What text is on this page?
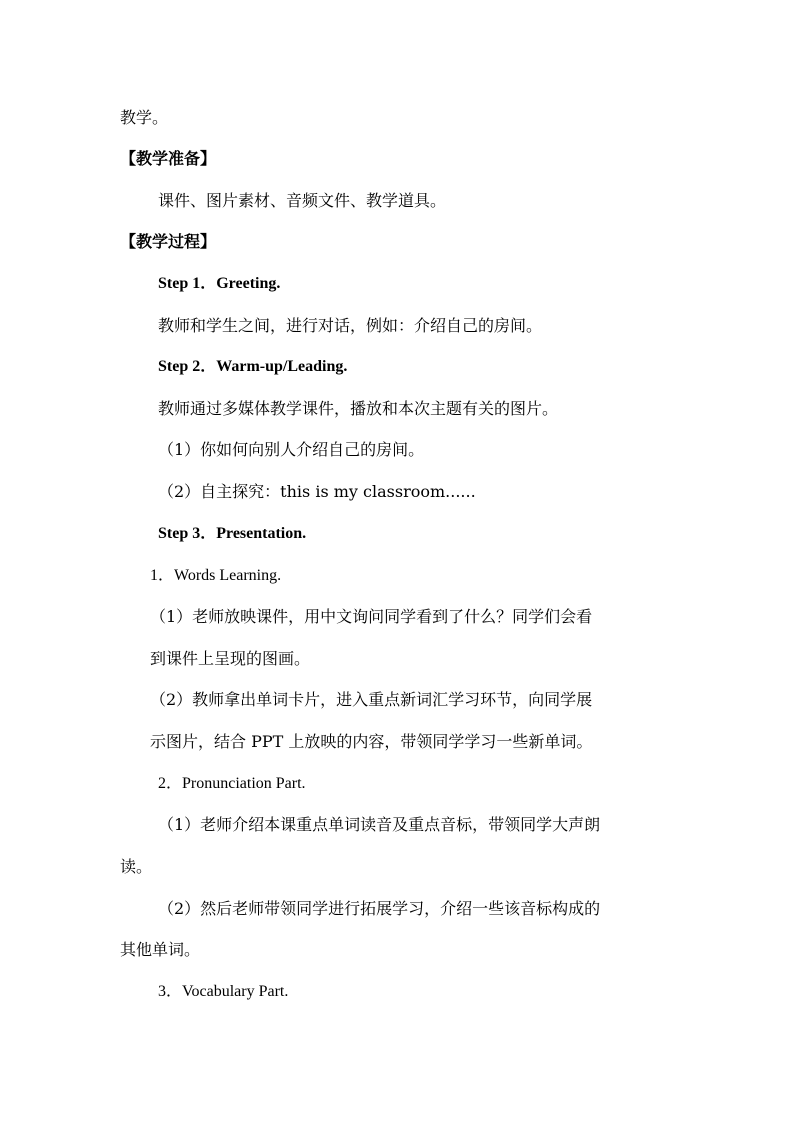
教学。
【教学准备】
课件、图片素材、音频文件、教学道具。
【教学过程】
Step 1．Greeting.
教师和学生之间，进行对话，例如：介绍自己的房间。
Step 2．Warm-up/Leading.
教师通过多媒体教学课件，播放和本次主题有关的图片。
（1）你如何向别人介绍自己的房间。
（2）自主探究：this is my classroom......
Step 3．Presentation.
1．Words Learning.
（1）老师放映课件，用中文询问同学看到了什么？同学们会看
到课件上呈现的图画。
（2）教师拿出单词卡片，进入重点新词汇学习环节，向同学展
示图片，结合 PPT 上放映的内容，带领同学学习一些新单词。
2．Pronunciation Part.
（1）老师介绍本课重点单词读音及重点音标，带领同学大声朗
读。
（2）然后老师带领同学进行拓展学习，介绍一些该音标构成的
其他单词。
3．Vocabulary Part.
